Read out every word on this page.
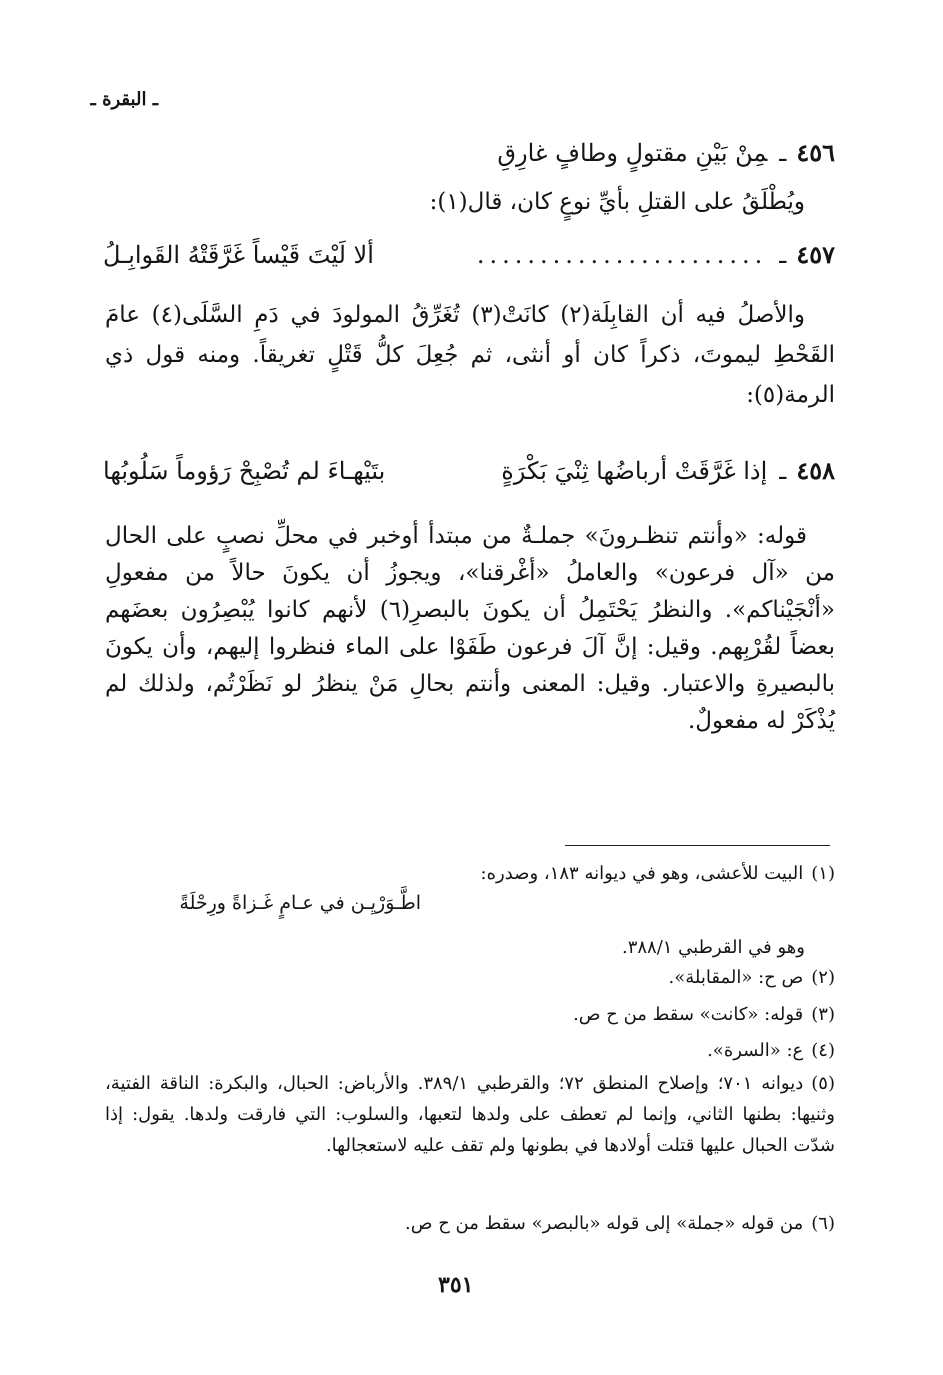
ـ البقرة ـ
٤٥٦ـمِنْ بَيْنِ مقتولٍ وطافٍ غارِقِ
ويُطْلَقُ على القتلِ بأيِّ نوعٍ كان، قال(١):
٤٥٧
ـ
.......................
ألا لَيْتَ قَيْساً غَرَّقَتْهُ القَوابِـلُ
والأصلُ فيه أن القابِلَة(٢) كانَتْ(٣) تُغَرِّقُ المولودَ في دَمِ السَّلَى(٤) عامَ القَحْطِ ليموتَ، ذكراً كان أو أنثى، ثم جُعِلَ كلُّ قَتْلٍ تغريقاً. ومنه قول ذي الرمة(٥):
٤٥٨
ـ
إذا غَرَّقَتْ أرباضُها ثِنْيَ بَكْرَةٍ
بتَيْهـاءَ لم تُصْبِحْ رَؤوماً سَلُوبُها
قوله: «وأنتم تنظـرونَ» جملـةٌ من مبتدأ أوخبر في محلِّ نصبٍ على الحال من «آل فرعون» والعاملُ «أغْرقنا»، ويجوزُ أن يكونَ حالاً من مفعولِ «أنْجَيْناكم». والنظرُ يَحْتَمِلُ أن يكونَ بالبصرِ(٦) لأنهم كانوا يُبْصِرُون بعضَهم بعضاً لقُرْبِهم. وقيل: إنَّ آلَ فرعون طَفَوْا على الماء فنظروا إليهم، وأن يكونَ بالبصيرةِ والاعتبار. وقيل: المعنى وأنتم بحالِ مَنْ ينظرُ لو نَظَرْتُم، ولذلك لم يُذْكَرْ له مفعولٌ.
(١)البيت للأعشى، وهو في ديوانه ١٨٣، وصدره:
اطَّـوَرْيِـن في عـامٍ غَـزاةً ورِحْلَةً
وهو في القرطبي ٣٨٨/١.
(٢)ص ح: «المقابلة».
(٣)قوله: «كانت» سقط من ح ص.
(٤)ع: «السرة».
(٥)ديوانه ٧٠١؛ وإصلاح المنطق ٧٢؛ والقرطبي ٣٨٩/١. والأرباض: الحبال، والبكرة: الناقة الفتية، وثنيها: بطنها الثاني، وإنما لم تعطف على ولدها لتعبها، والسلوب: التي فارقت ولدها. يقول: إذا شدّت الحبال عليها قتلت أولادها في بطونها ولم تقف عليه لاستعجالها.
(٦)من قوله «جملة» إلى قوله «بالبصر» سقط من ح ص.
٣٥١
